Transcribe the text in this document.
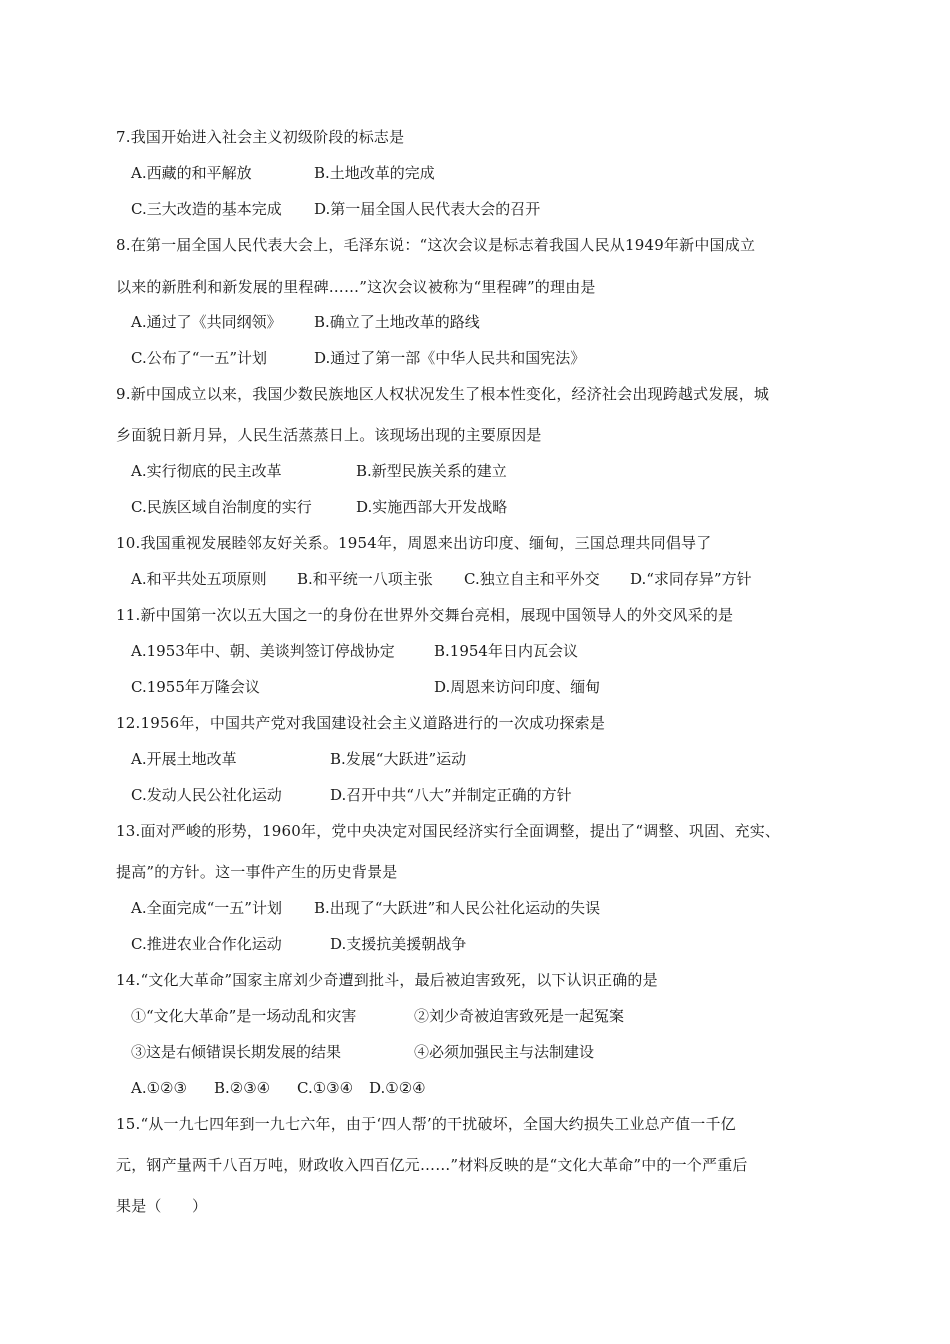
7.我国开始进入社会主义初级阶段的标志是
A.西藏的和平解放	B.土地改革的完成
C.三大改造的基本完成 D.第一届全国人民代表大会的召开
8.在第一届全国人民代表大会上，毛泽东说：“这次会议是标志着我国人民从1949年新中国成立
以来的新胜利和新发展的里程碑……”这次会议被称为“里程碑”的理由是
A.通过了《共同纲领》 B.确立了土地改革的路线
C.公布了“一五”计划	D.通过了第一部《中华人民共和国宪法》
9.新中国成立以来，我国少数民族地区人权状况发生了根本性变化，经济社会出现跨越式发展，城
乡面貌日新月异，人民生活蒸蒸日上。该现场出现的主要原因是
A.实行彻底的民主改革	B.新型民族关系的建立
C.民族区域自治制度的实行	D.实施西部大开发战略
10.我国重视发展睦邻友好关系。1954年，周恩来出访印度、缅甸，三国总理共同倡导了
A.和平共处五项原则 B.和平统一八项主张 C.独立自主和平外交 D.“求同存异”方针
11.新中国第一次以五大国之一的身份在世界外交舞台亮相，展现中国领导人的外交风采的是
A.1953年中、朝、美谈判签订停战协定	B.1954年日内瓦会议
C.1955年万隆会议	D.周恩来访问印度、缅甸
12.1956年，中国共产党对我国建设社会主义道路进行的一次成功探索是
A.开展土地改革	B.发展“大跃进”运动
C.发动人民公社化运动	D.召开中共“八大”并制定正确的方针
13.面对严峻的形势，1960年，党中央决定对国民经济实行全面调整，提出了“调整、巩固、充实、
提高”的方针。这一事件产生的历史背景是
A.全面完成“一五”计划 B.出现了“大跃进”和人民公社化运动的失误
C.推进农业合作化运动	D.支援抗美援朝战争
14.“文化大革命”国家主席刘少奇遭到批斗，最后被迫害致死，以下认识正确的是
①“文化大革命”是一场动乱和灾害	②刘少奇被迫害致死是一起冤案
③这是右倾错误长期发展的结果	④必须加强民主与法制建设
A.①②③ B.②③④ C.①③④ D.①②④
15.“从一九七四年到一九七六年，由于‘四人帮’的干扰破坏，全国大约损失工业总产值一千亿
元，钢产量两千八百万吨，财政收入四百亿元……”材料反映的是“文化大革命”中的一个严重后
果是（　　）
